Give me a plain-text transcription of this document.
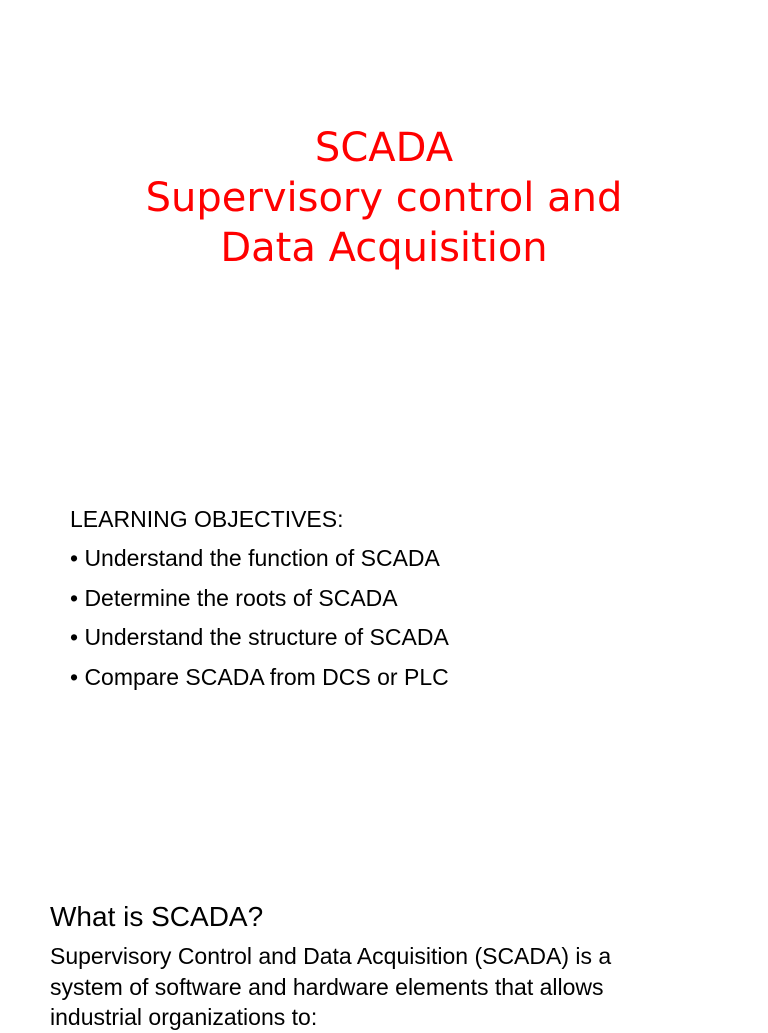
SCADA
Supervisory control and
Data Acquisition
LEARNING OBJECTIVES:
• Understand the function of SCADA
• Determine the roots of SCADA
• Understand the structure of SCADA
• Compare SCADA from DCS or PLC
What is SCADA?
Supervisory Control and Data Acquisition (SCADA) is a
system of software and hardware elements that allows
industrial organizations to:
